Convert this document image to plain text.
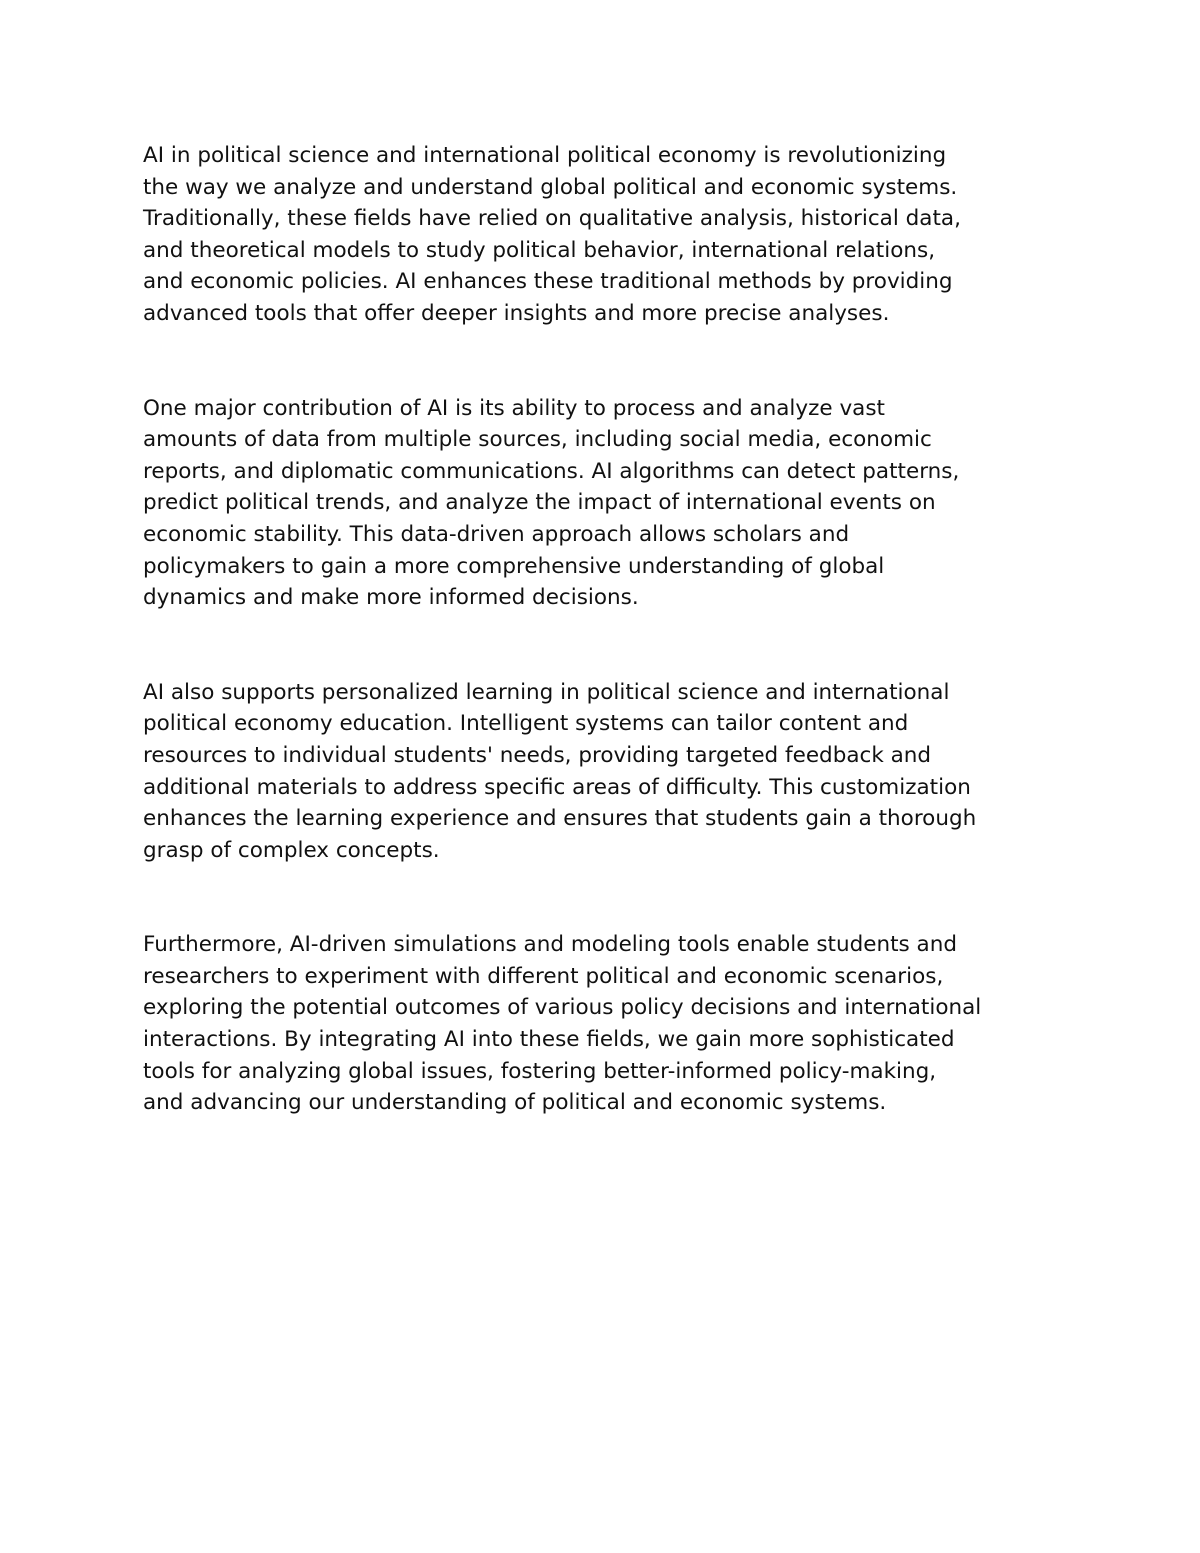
AI in political science and international political economy is revolutionizing
the way we analyze and understand global political and economic systems.
Traditionally, these fields have relied on qualitative analysis, historical data,
and theoretical models to study political behavior, international relations,
and economic policies. AI enhances these traditional methods by providing
advanced tools that offer deeper insights and more precise analyses.

One major contribution of AI is its ability to process and analyze vast
amounts of data from multiple sources, including social media, economic
reports, and diplomatic communications. AI algorithms can detect patterns,
predict political trends, and analyze the impact of international events on
economic stability. This data-driven approach allows scholars and
policymakers to gain a more comprehensive understanding of global
dynamics and make more informed decisions.

AI also supports personalized learning in political science and international
political economy education. Intelligent systems can tailor content and
resources to individual students' needs, providing targeted feedback and
additional materials to address specific areas of difficulty. This customization
enhances the learning experience and ensures that students gain a thorough
grasp of complex concepts.

Furthermore, AI-driven simulations and modeling tools enable students and
researchers to experiment with different political and economic scenarios,
exploring the potential outcomes of various policy decisions and international
interactions. By integrating AI into these fields, we gain more sophisticated
tools for analyzing global issues, fostering better-informed policy-making,
and advancing our understanding of political and economic systems.
